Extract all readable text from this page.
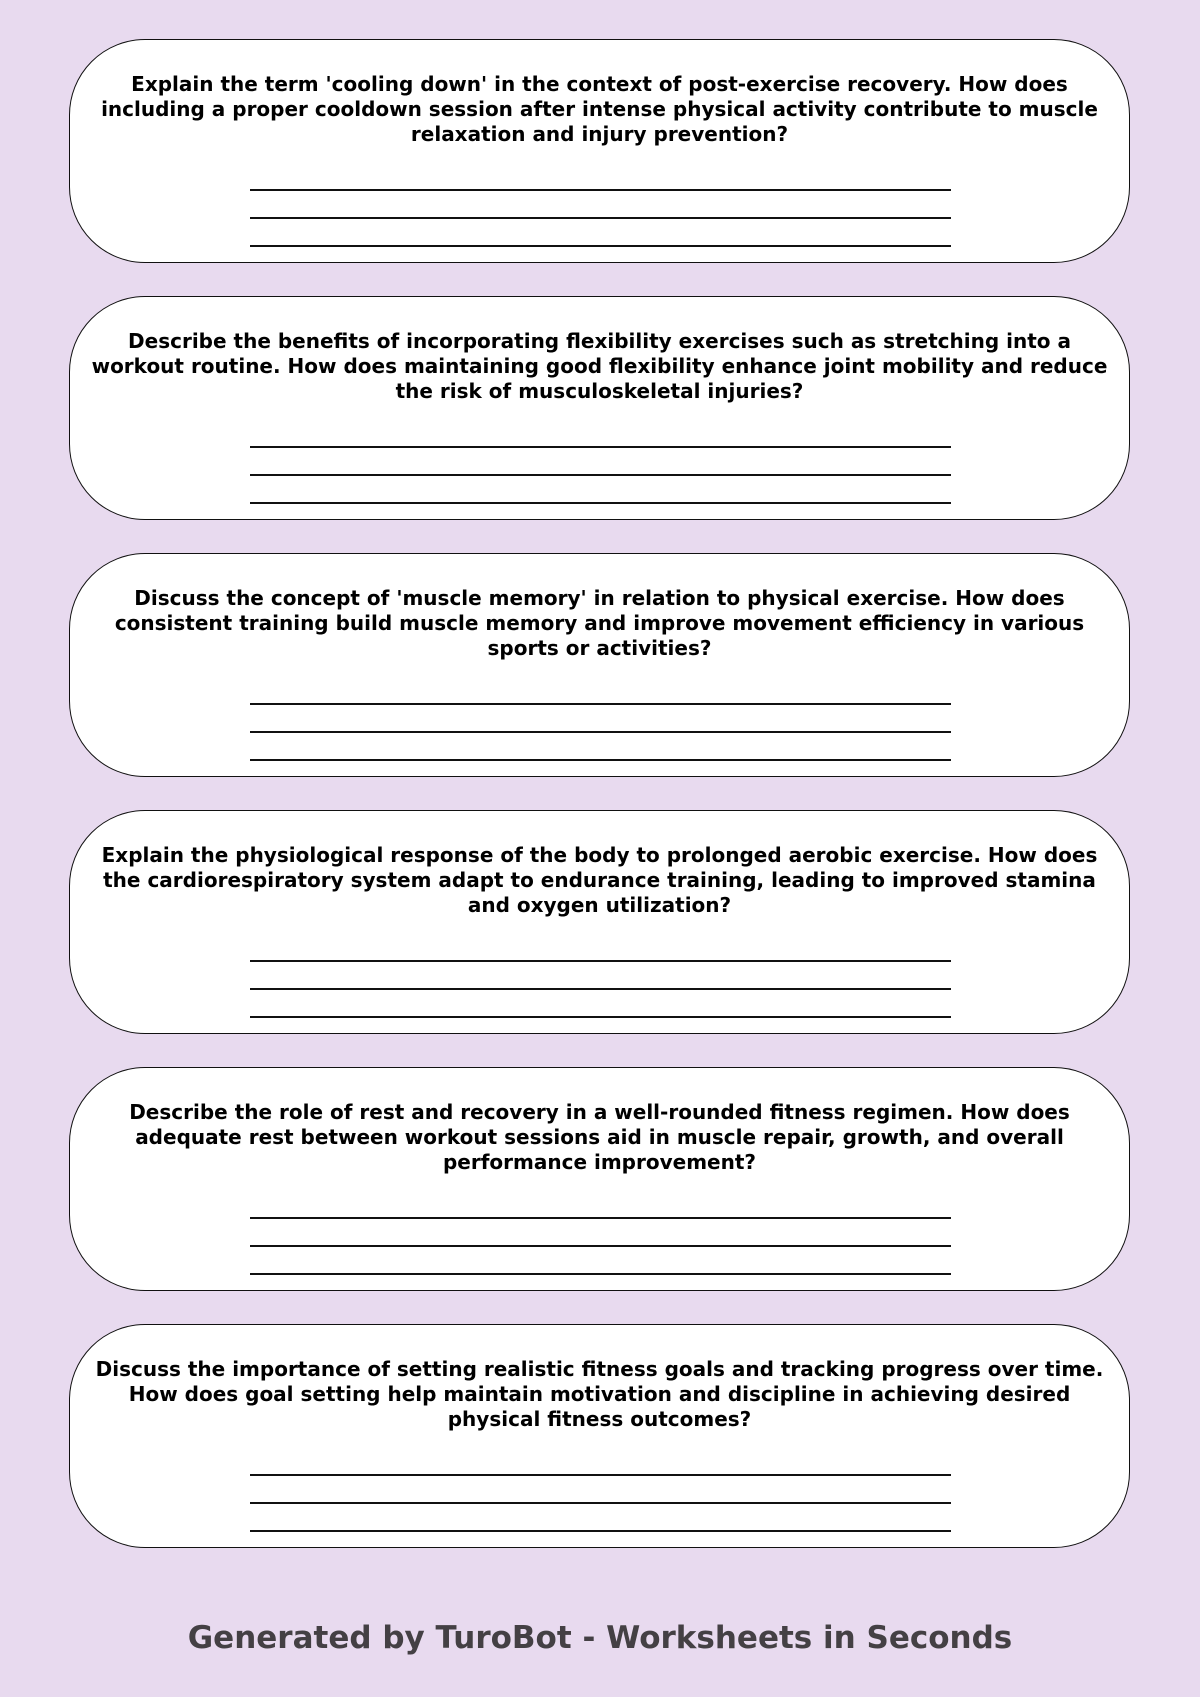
Explain the term 'cooling down' in the context of post-exercise recovery. How does including a proper cooldown session after intense physical activity contribute to muscle relaxation and injury prevention?

Describe the benefits of incorporating flexibility exercises such as stretching into a workout routine. How does maintaining good flexibility enhance joint mobility and reduce the risk of musculoskeletal injuries?

Discuss the concept of 'muscle memory' in relation to physical exercise. How does consistent training build muscle memory and improve movement efficiency in various sports or activities?

Explain the physiological response of the body to prolonged aerobic exercise. How does the cardiorespiratory system adapt to endurance training, leading to improved stamina and oxygen utilization?

Describe the role of rest and recovery in a well-rounded fitness regimen. How does adequate rest between workout sessions aid in muscle repair, growth, and overall performance improvement?

Discuss the importance of setting realistic fitness goals and tracking progress over time. How does goal setting help maintain motivation and discipline in achieving desired physical fitness outcomes?

Generated by TuroBot - Worksheets in Seconds
